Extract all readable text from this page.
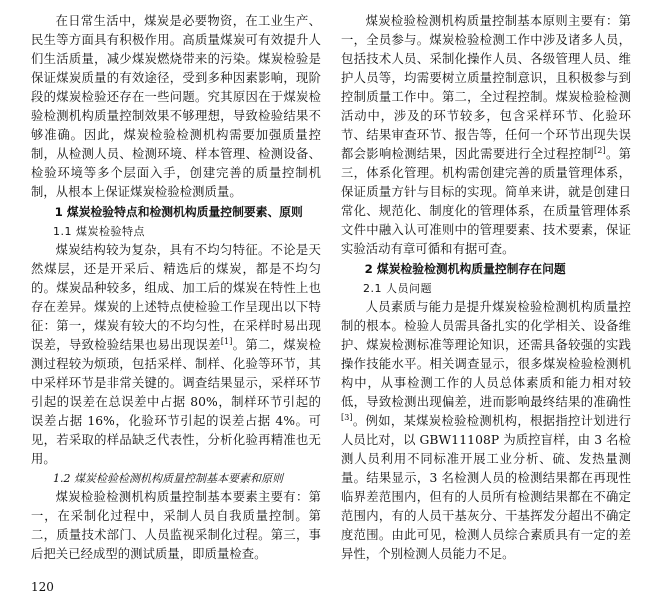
在日常生活中，煤炭是必要物资，在工业生产、民生等方面具有积极作用。高质量煤炭可有效提升人们生活质量，减少煤炭燃烧带来的污染。煤炭检验是保证煤炭质量的有效途径，受到多种因素影响，现阶段的煤炭检验还存在一些问题。究其原因在于煤炭检验检测机构质量控制效果不够理想，导致检验结果不够准确。因此，煤炭检验检测机构需要加强质量控制，从检测人员、检测环境、样本管理、检测设备、检验环境等多个层面入手，创建完善的质量控制机制，从根本上保证煤炭检验检测质量。

1 煤炭检验特点和检测机构质量控制要素、原则
1.1 煤炭检验特点

煤炭结构较为复杂，具有不均匀特征。不论是天然煤层，还是开采后、精选后的煤炭，都是不均匀的。煤炭品种较多，组成、加工后的煤炭在特性上也存在差异。煤炭的上述特点使检验工作呈现出以下特征：第一，煤炭有较大的不均匀性，在采样时易出现误差，导致检验结果也易出现误差[1]。第二，煤炭检测过程较为烦琐，包括采样、制样、化验等环节，其中采样环节是非常关键的。调查结果显示，采样环节引起的误差在总误差中占据 80%，制样环节引起的误差占据 16%，化验环节引起的误差占据 4%。可见，若采取的样品缺乏代表性，分析化验再精准也无用。

1.2 煤炭检验检测机构质量控制基本要素和原则

煤炭检验检测机构质量控制基本要素主要有：第一，在采制化过程中，采制人员自我质量控制。第二，质量技术部门、人员监视采制化过程。第三，事后把关已经成型的测试质量，即质量检查。

煤炭检验检测机构质量控制基本原则主要有：第一，全员参与。煤炭检验检测工作中涉及诸多人员，包括技术人员、采制化操作人员、各级管理人员、维护人员等，均需要树立质量控制意识，且积极参与到控制质量工作中。第二，全过程控制。煤炭检验检测活动中，涉及的环节较多，包含采样环节、化验环节、结果审查环节、报告等，任何一个环节出现失误都会影响检测结果，因此需要进行全过程控制[2]。第三，体系化管理。机构需创建完善的质量管理体系，保证质量方针与目标的实现。简单来讲，就是创建日常化、规范化、制度化的管理体系，在质量管理体系文件中融入认可准则中的管理要素、技术要素，保证实验活动有章可循和有据可查。

2 煤炭检验检测机构质量控制存在问题
2.1 人员问题

人员素质与能力是提升煤炭检验检测机构质量控制的根本。检验人员需具备扎实的化学相关、设备维护、煤炭检测标准等理论知识，还需具备较强的实践操作技能水平。相关调查显示，很多煤炭检验检测机构中，从事检测工作的人员总体素质和能力相对较低，导致检测出现偏差，进而影响最终结果的准确性[3]。例如，某煤炭检验检测机构，根据指控计划进行人员比对，以 GBW11108P 为质控盲样，由 3 名检测人员利用不同标准开展工业分析、硫、发热量测量。结果显示，3 名检测人员的检测结果都在再现性临界差范围内，但有的人员所有检测结果都在不确定范围内，有的人员干基灰分、干基挥发分超出不确定度范围。由此可见，检测人员综合素质具有一定的差异性，个别检测人员能力不足。

120
